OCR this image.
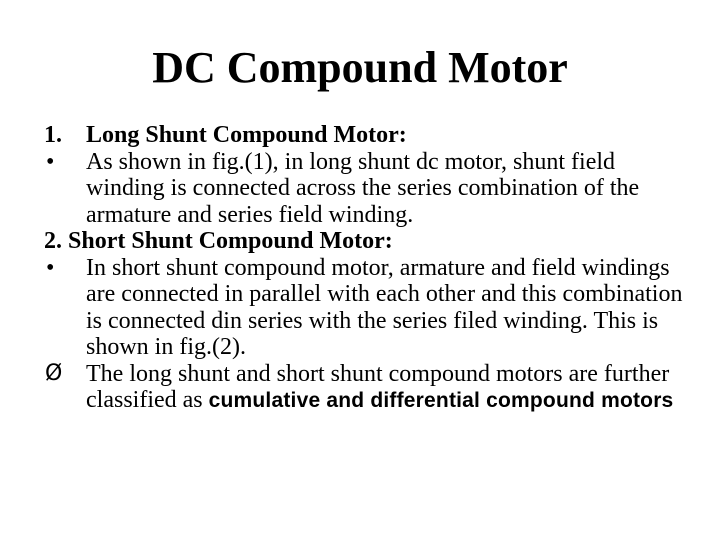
DC Compound Motor
1.	Long Shunt Compound Motor:
•	As shown in fig.(1), in long shunt dc motor, shunt field winding is connected across the series combination of the armature and series field winding.
2. Short Shunt Compound Motor:
•	In short shunt compound motor, armature and field windings are connected in parallel with each other and this combination is connected din series with the series filed winding. This is shown in fig.(2).
Ø The long shunt and short shunt compound motors are further classified as cumulative and differential compound motors
